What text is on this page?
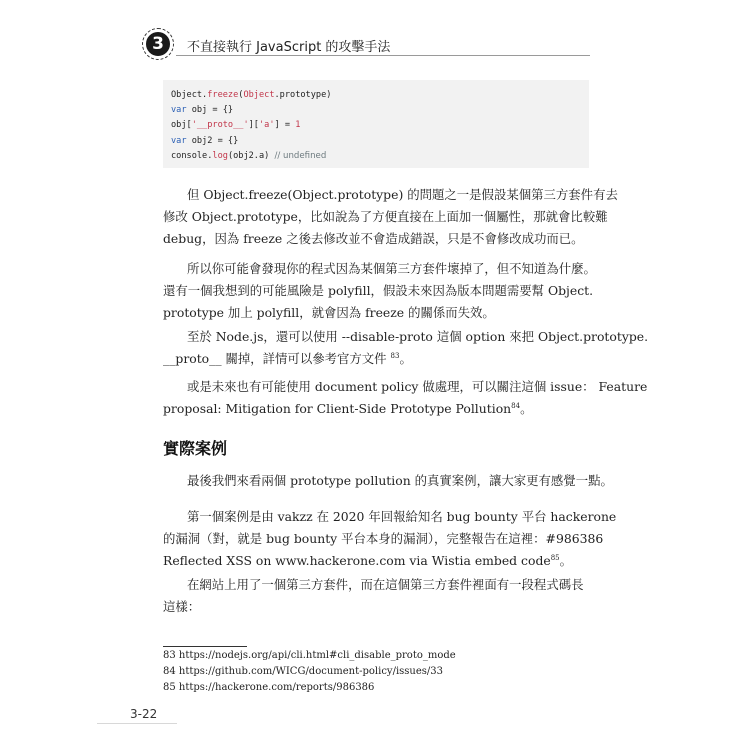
3	不直接執行 JavaScript 的攻擊手法
Object.freeze(Object.prototype)
var obj = {}
obj['__proto__']['a'] = 1
var obj2 = {}
console.log(obj2.a) // undefined
但 Object.freeze(Object.prototype) 的問題之一是假設某個第三方套件有去
修改 Object.prototype，比如說為了方便直接在上面加一個屬性，那就會比較難
debug，因為 freeze 之後去修改並不會造成錯誤，只是不會修改成功而已。
所以你可能會發現你的程式因為某個第三方套件壞掉了，但不知道為什麼。
還有一個我想到的可能風險是 polyfill，假設未來因為版本問題需要幫 Object.
prototype 加上 polyfill，就會因為 freeze 的關係而失效。
至於 Node.js，還可以使用 --disable-proto 這個 option 來把 Object.prototype.
__proto__ 關掉，詳情可以參考官方文件 $^{83}$。
或是未來也有可能使用 document policy 做處理，可以關注這個 issue： Feature
proposal: Mitigation for Client-Side Prototype Pollution$^{84}$。
實際案例
最後我們來看兩個 prototype pollution 的真實案例，讓大家更有感覺一點。
第一個案例是由 vakzz 在 2020 年回報給知名 bug bounty 平台 hackerone
的漏洞（對，就是 bug bounty 平台本身的漏洞），完整報告在這裡：#986386
Reflected XSS on www.hackerone.com via Wistia embed code$^{85}$。
在網站上用了一個第三方套件，而在這個第三方套件裡面有一段程式碼長
這樣：
83 https://nodejs.org/api/cli.html#cli_disable_proto_mode
84 https://github.com/WICG/document-policy/issues/33
85 https://hackerone.com/reports/986386
3-22
